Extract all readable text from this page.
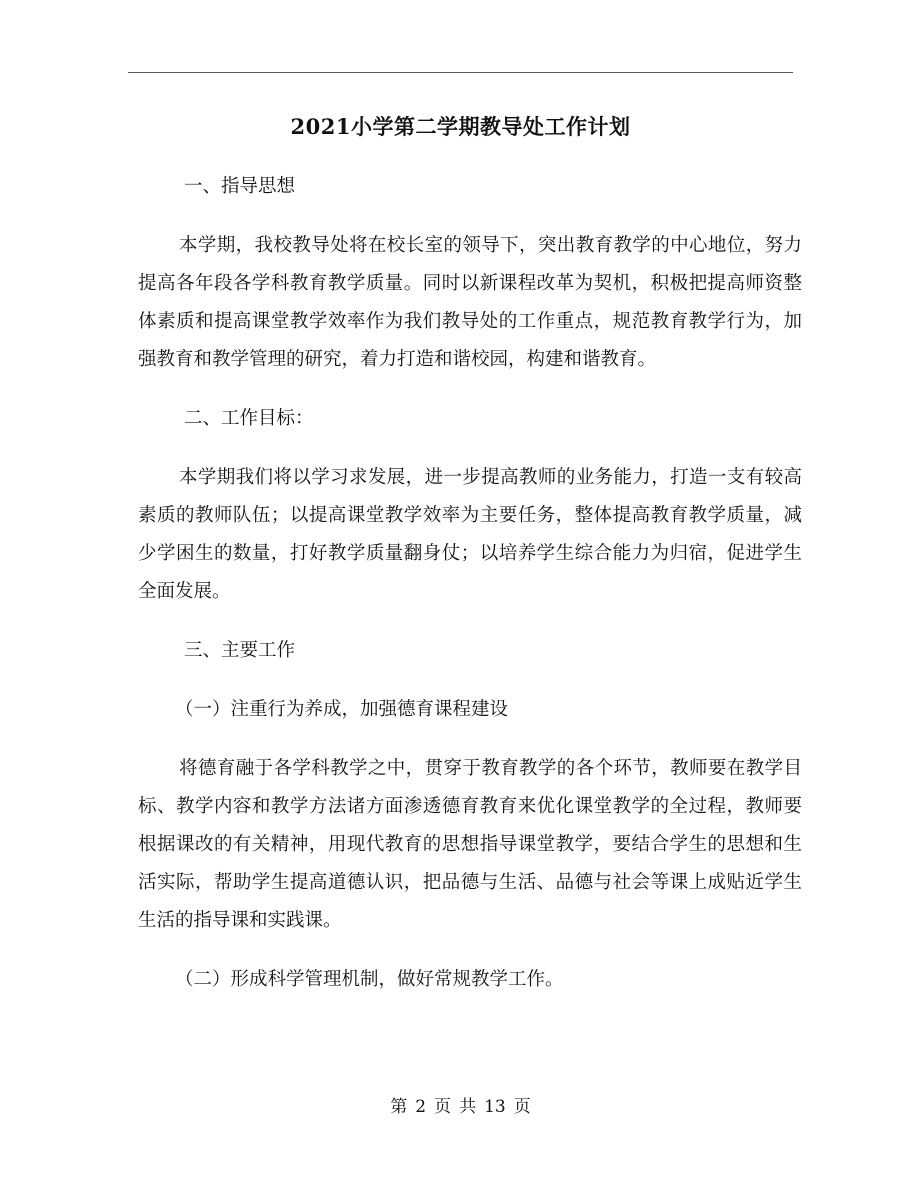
2021小学第二学期教导处工作计划

一、指导思想

本学期，我校教导处将在校长室的领导下，突出教育教学的中心地位，努力提高各年段各学科教育教学质量。同时以新课程改革为契机，积极把提高师资整体素质和提高课堂教学效率作为我们教导处的工作重点，规范教育教学行为，加强教育和教学管理的研究，着力打造和谐校园，构建和谐教育。

二、工作目标：

本学期我们将以学习求发展，进一步提高教师的业务能力，打造一支有较高素质的教师队伍；以提高课堂教学效率为主要任务，整体提高教育教学质量，减少学困生的数量，打好教学质量翻身仗；以培养学生综合能力为归宿，促进学生全面发展。

三、主要工作

（一）注重行为养成，加强德育课程建设

将德育融于各学科教学之中，贯穿于教育教学的各个环节，教师要在教学目标、教学内容和教学方法诸方面渗透德育教育来优化课堂教学的全过程，教师要根据课改的有关精神，用现代教育的思想指导课堂教学，要结合学生的思想和生活实际，帮助学生提高道德认识，把品德与生活、品德与社会等课上成贴近学生生活的指导课和实践课。

（二）形成科学管理机制，做好常规教学工作。

第 2 页 共 13 页
